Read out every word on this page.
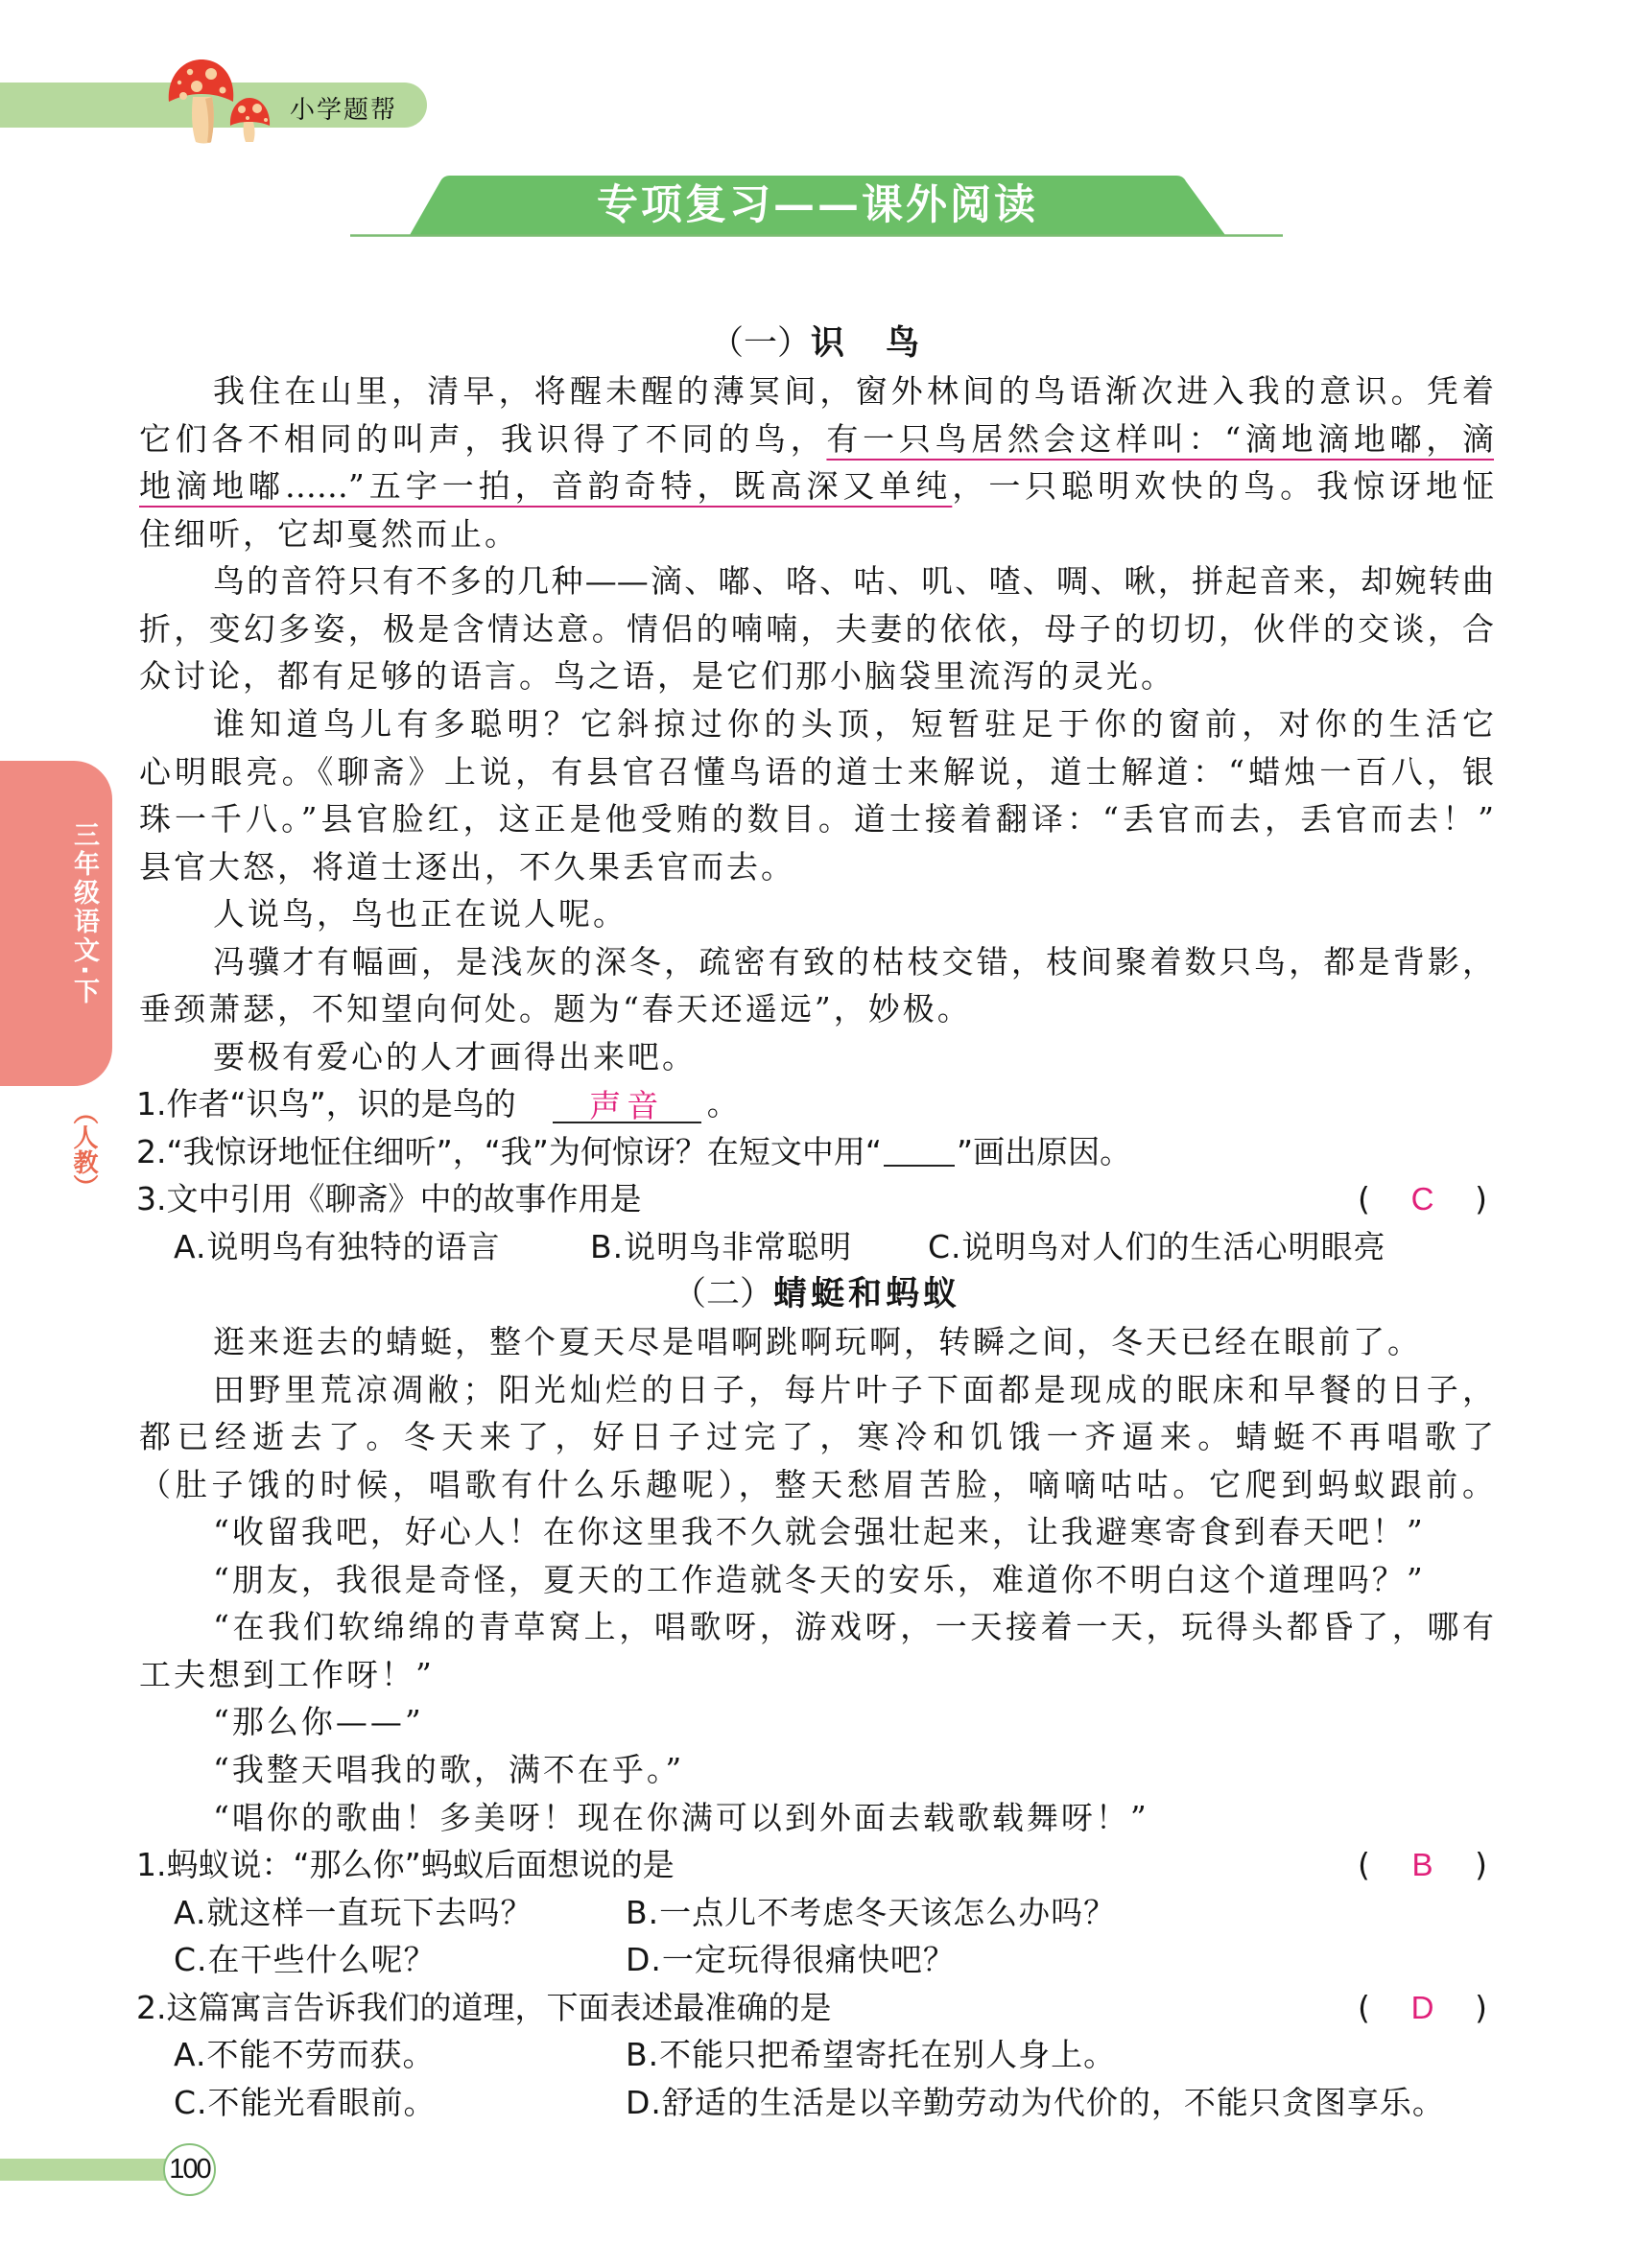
小学题帮
专项复习——课外阅读
三年级语文·下
（人教）
（一）识　鸟
我住在山里，清早，将醒未醒的薄冥间，窗外林间的鸟语渐次进入我的意识。凭着
它们各不相同的叫声，我识得了不同的鸟，有一只鸟居然会这样叫：“滴地滴地嘟，滴
地滴地嘟……”五字一拍，音韵奇特，既高深又单纯，一只聪明欢快的鸟。我惊讶地怔
住细听，它却戛然而止。
鸟的音符只有不多的几种——滴、嘟、咯、咕、叽、喳、啁、啾，拼起音来，却婉转曲
折，变幻多姿，极是含情达意。情侣的喃喃，夫妻的依依，母子的切切，伙伴的交谈，合
众讨论，都有足够的语言。鸟之语，是它们那小脑袋里流泻的灵光。
谁知道鸟儿有多聪明？它斜掠过你的头顶，短暂驻足于你的窗前，对你的生活它
心明眼亮。《聊斋》上说，有县官召懂鸟语的道士来解说，道士解道：“蜡烛一百八，银
珠一千八。”县官脸红，这正是他受贿的数目。道士接着翻译：“丢官而去，丢官而去！”
县官大怒，将道士逐出，不久果丢官而去。
人说鸟，鸟也正在说人呢。
冯骥才有幅画，是浅灰的深冬，疏密有致的枯枝交错，枝间聚着数只鸟，都是背影，
垂颈萧瑟，不知望向何处。题为“春天还遥远”，妙极。
要极有爱心的人才画得出来吧。
1.作者“识鸟”，识的是鸟的 声音 。
2.“我惊讶地怔住细听”，“我”为何惊讶？在短文中用“ ”画出原因。
3.文中引用《聊斋》中的故事作用是	( C )
A.说明鸟有独特的语言	B.说明鸟非常聪明 C.说明鸟对人们的生活心明眼亮
（二）蜻蜓和蚂蚁
逛来逛去的蜻蜓，整个夏天尽是唱啊跳啊玩啊，转瞬之间，冬天已经在眼前了。
田野里荒凉凋敝；阳光灿烂的日子，每片叶子下面都是现成的眠床和早餐的日子，
都已经逝去了。冬天来了，好日子过完了，寒冷和饥饿一齐逼来。蜻蜓不再唱歌了
（肚子饿的时候，唱歌有什么乐趣呢），整天愁眉苦脸，嘀嘀咕咕。它爬到蚂蚁跟前。
“收留我吧，好心人！在你这里我不久就会强壮起来，让我避寒寄食到春天吧！”
“朋友，我很是奇怪，夏天的工作造就冬天的安乐，难道你不明白这个道理吗？”
“在我们软绵绵的青草窝上，唱歌呀，游戏呀，一天接着一天，玩得头都昏了，哪有
工夫想到工作呀！”
“那么你——”
“我整天唱我的歌，满不在乎。”
“唱你的歌曲！多美呀！现在你满可以到外面去载歌载舞呀！”
1.蚂蚁说：“那么你”蚂蚁后面想说的是	( B )
A.就这样一直玩下去吗？	B.一点儿不考虑冬天该怎么办吗？
C.在干些什么呢？	D.一定玩得很痛快吧？
2.这篇寓言告诉我们的道理，下面表述最准确的是	( D )
A.不能不劳而获。	B.不能只把希望寄托在别人身上。
C.不能光看眼前。	D.舒适的生活是以辛勤劳动为代价的，不能只贪图享乐。
100
